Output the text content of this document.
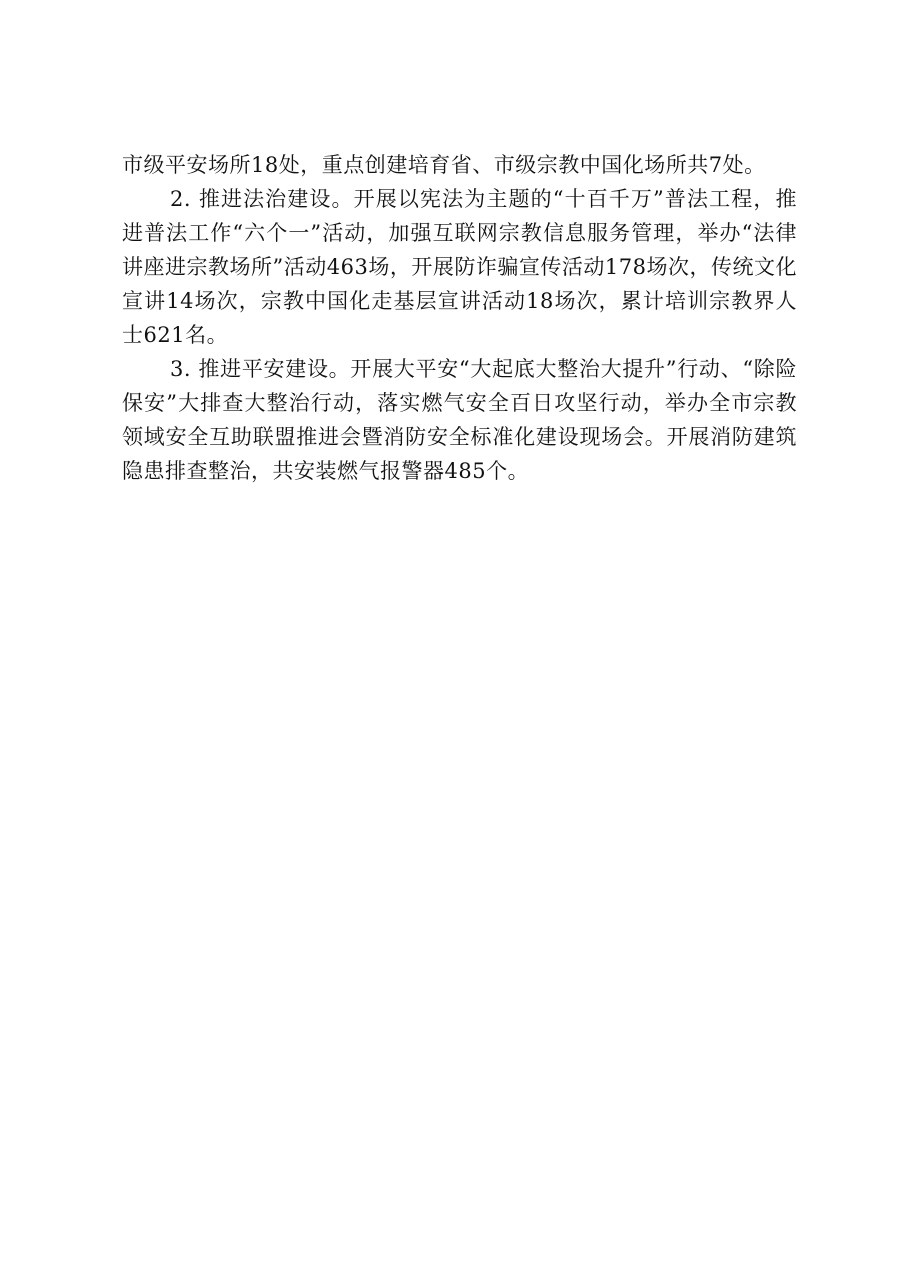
市级平安场所18处，重点创建培育省、市级宗教中国化场所共7处。

2. 推进法治建设。开展以宪法为主题的“十百千万”普法工程，推进普法工作“六个一”活动，加强互联网宗教信息服务管理，举办“法律讲座进宗教场所”活动463场，开展防诈骗宣传活动178场次，传统文化宣讲14场次，宗教中国化走基层宣讲活动18场次，累计培训宗教界人士621名。

3. 推进平安建设。开展大平安“大起底大整治大提升”行动、“除险保安”大排查大整治行动，落实燃气安全百日攻坚行动，举办全市宗教领域安全互助联盟推进会暨消防安全标准化建设现场会。开展消防建筑隐患排查整治，共安装燃气报警器485个。
